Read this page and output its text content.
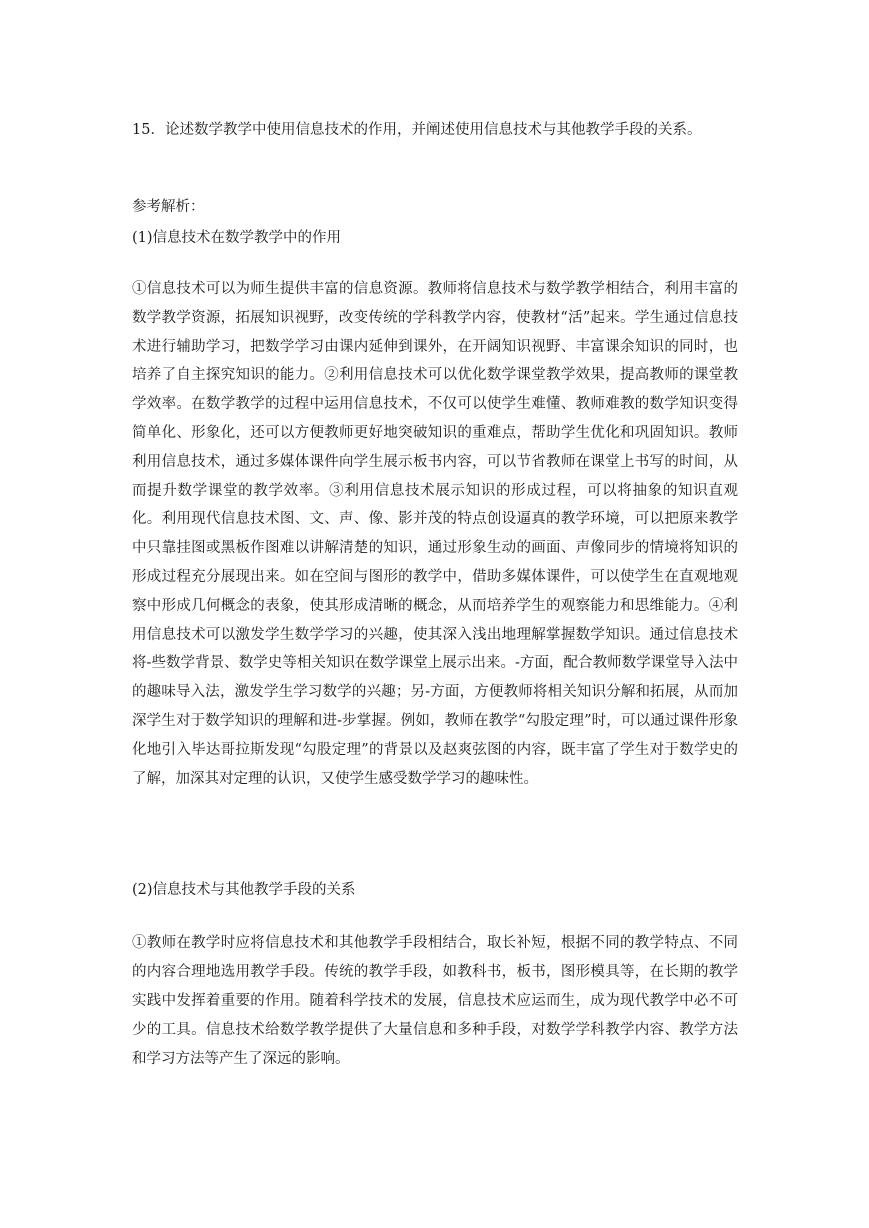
15．论述数学教学中使用信息技术的作用，并阐述使用信息技术与其他教学手段的关系。

参考解析：

(1)信息技术在数学教学中的作用

①信息技术可以为师生提供丰富的信息资源。教师将信息技术与数学教学相结合，利用丰富的数学教学资源，拓展知识视野，改变传统的学科教学内容，使教材“活”起来。学生通过信息技术进行辅助学习，把数学学习由课内延伸到课外，在开阔知识视野、丰富课余知识的同时，也培养了自主探究知识的能力。②利用信息技术可以优化数学课堂教学效果，提高教师的课堂教学效率。在数学教学的过程中运用信息技术，不仅可以使学生难懂、教师难教的数学知识变得简单化、形象化，还可以方便教师更好地突破知识的重难点，帮助学生优化和巩固知识。教师利用信息技术，通过多媒体课件向学生展示板书内容，可以节省教师在课堂上书写的时间，从而提升数学课堂的教学效率。③利用信息技术展示知识的形成过程，可以将抽象的知识直观化。利用现代信息技术图、文、声、像、影并茂的特点创设逼真的教学环境，可以把原来教学中只靠挂图或黑板作图难以讲解清楚的知识，通过形象生动的画面、声像同步的情境将知识的形成过程充分展现出来。如在空间与图形的教学中，借助多媒体课件，可以使学生在直观地观察中形成几何概念的表象，使其形成清晰的概念，从而培养学生的观察能力和思维能力。④利用信息技术可以激发学生数学学习的兴趣，使其深入浅出地理解掌握数学知识。通过信息技术将-些数学背景、数学史等相关知识在数学课堂上展示出来。-方面，配合教师数学课堂导入法中的趣味导入法，激发学生学习数学的兴趣；另-方面，方便教师将相关知识分解和拓展，从而加深学生对于数学知识的理解和进-步掌握。例如，教师在教学“勾股定理”时，可以通过课件形象化地引入毕达哥拉斯发现“勾股定理”的背景以及赵爽弦图的内容，既丰富了学生对于数学史的了解，加深其对定理的认识，又使学生感受数学学习的趣味性。

(2)信息技术与其他教学手段的关系

①教师在教学时应将信息技术和其他教学手段相结合，取长补短，根据不同的教学特点、不同的内容合理地选用教学手段。传统的教学手段，如教科书，板书，图形模具等，在长期的教学实践中发挥着重要的作用。随着科学技术的发展，信息技术应运而生，成为现代教学中必不可少的工具。信息技术给数学教学提供了大量信息和多种手段，对数学学科教学内容、教学方法和学习方法等产生了深远的影响。
